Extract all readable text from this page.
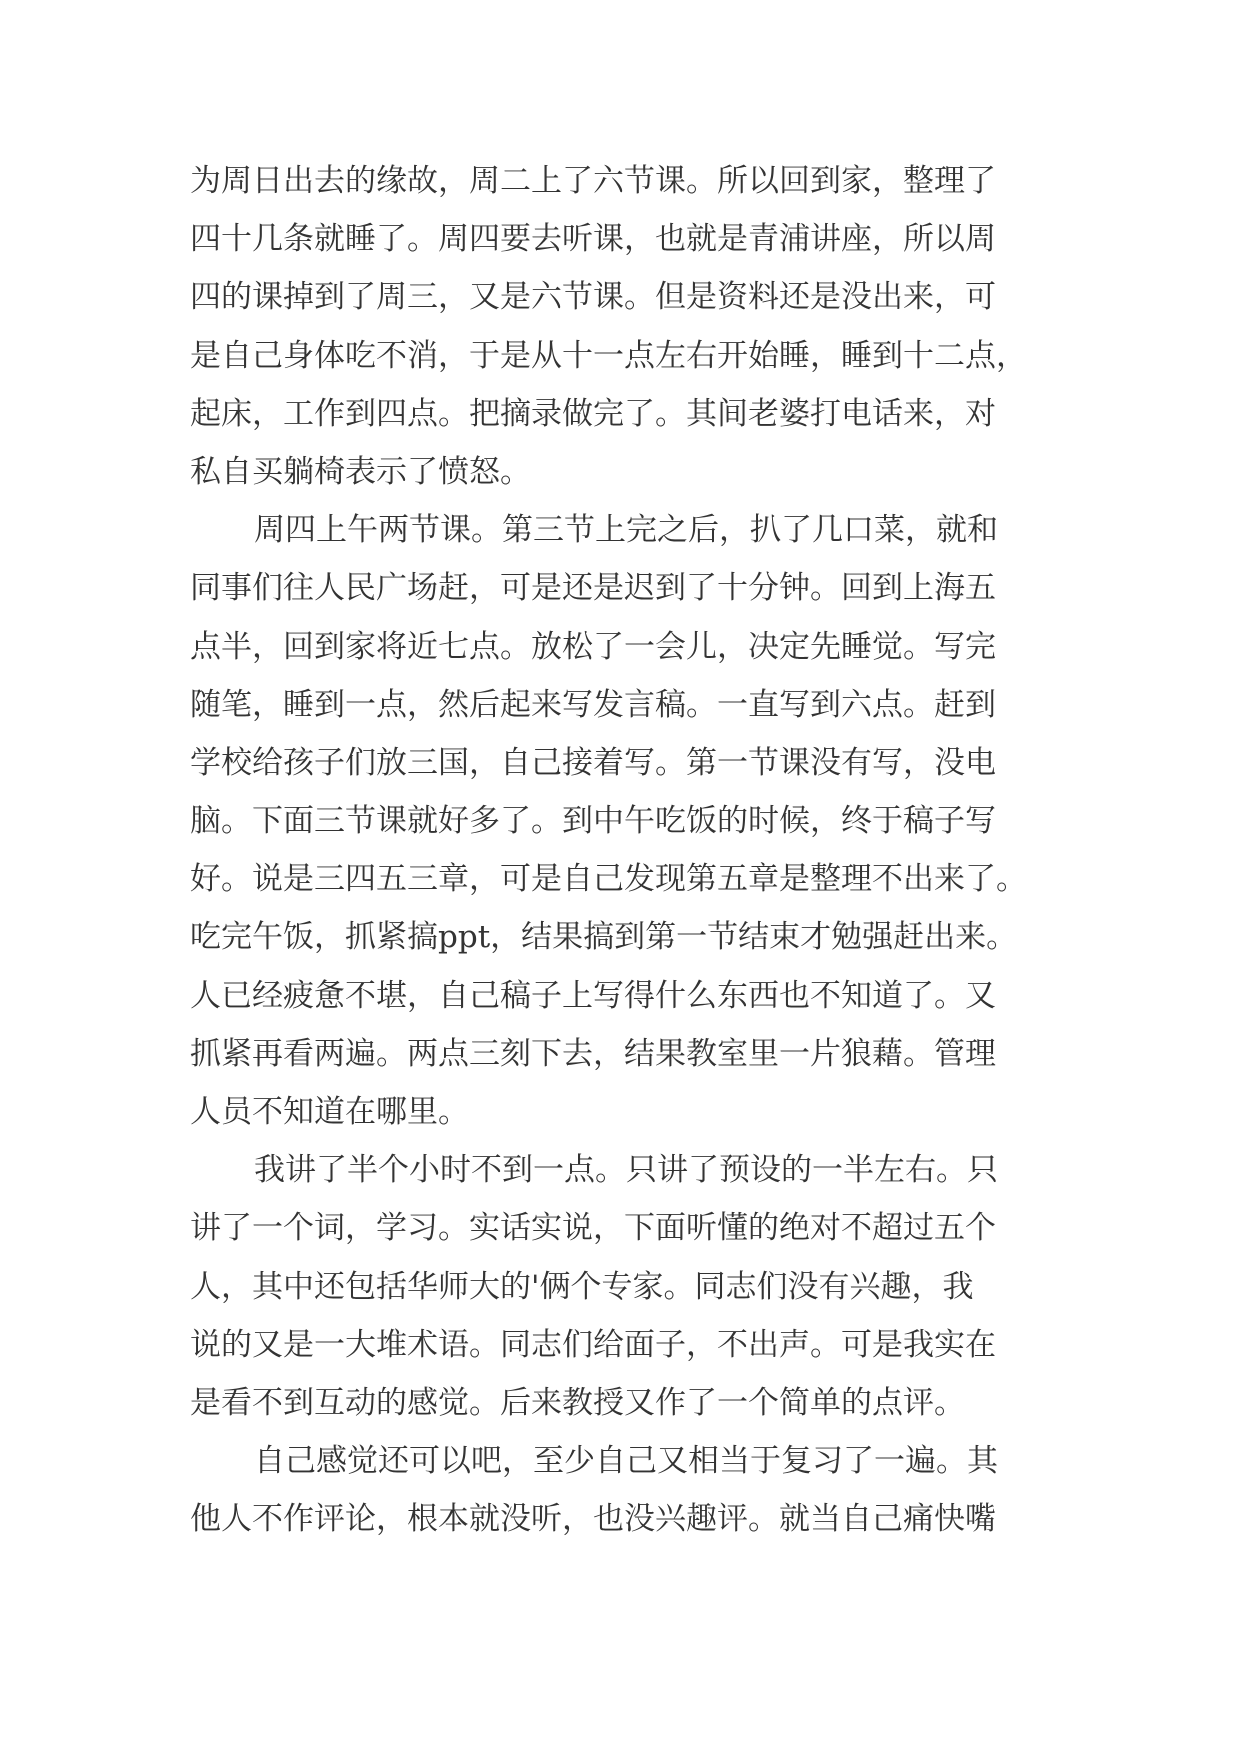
为周日出去的缘故，周二上了六节课。所以回到家，整理了
四十几条就睡了。周四要去听课，也就是青浦讲座，所以周
四的课掉到了周三，又是六节课。但是资料还是没出来，可
是自己身体吃不消，于是从十一点左右开始睡，睡到十二点，
起床，工作到四点。把摘录做完了。其间老婆打电话来，对
私自买躺椅表示了愤怒。
周四上午两节课。第三节上完之后，扒了几口菜，就和
同事们往人民广场赶，可是还是迟到了十分钟。回到上海五
点半，回到家将近七点。放松了一会儿，决定先睡觉。写完
随笔，睡到一点，然后起来写发言稿。一直写到六点。赶到
学校给孩子们放三国，自己接着写。第一节课没有写，没电
脑。下面三节课就好多了。到中午吃饭的时候，终于稿子写
好。说是三四五三章，可是自己发现第五章是整理不出来了。
吃完午饭，抓紧搞ppt，结果搞到第一节结束才勉强赶出来。
人已经疲惫不堪，自己稿子上写得什么东西也不知道了。又
抓紧再看两遍。两点三刻下去，结果教室里一片狼藉。管理
人员不知道在哪里。
我讲了半个小时不到一点。只讲了预设的一半左右。只
讲了一个词，学习。实话实说，下面听懂的绝对不超过五个
人，其中还包括华师大的'俩个专家。同志们没有兴趣，我
说的又是一大堆术语。同志们给面子，不出声。可是我实在
是看不到互动的感觉。后来教授又作了一个简单的点评。
自己感觉还可以吧，至少自己又相当于复习了一遍。其
他人不作评论，根本就没听，也没兴趣评。就当自己痛快嘴
